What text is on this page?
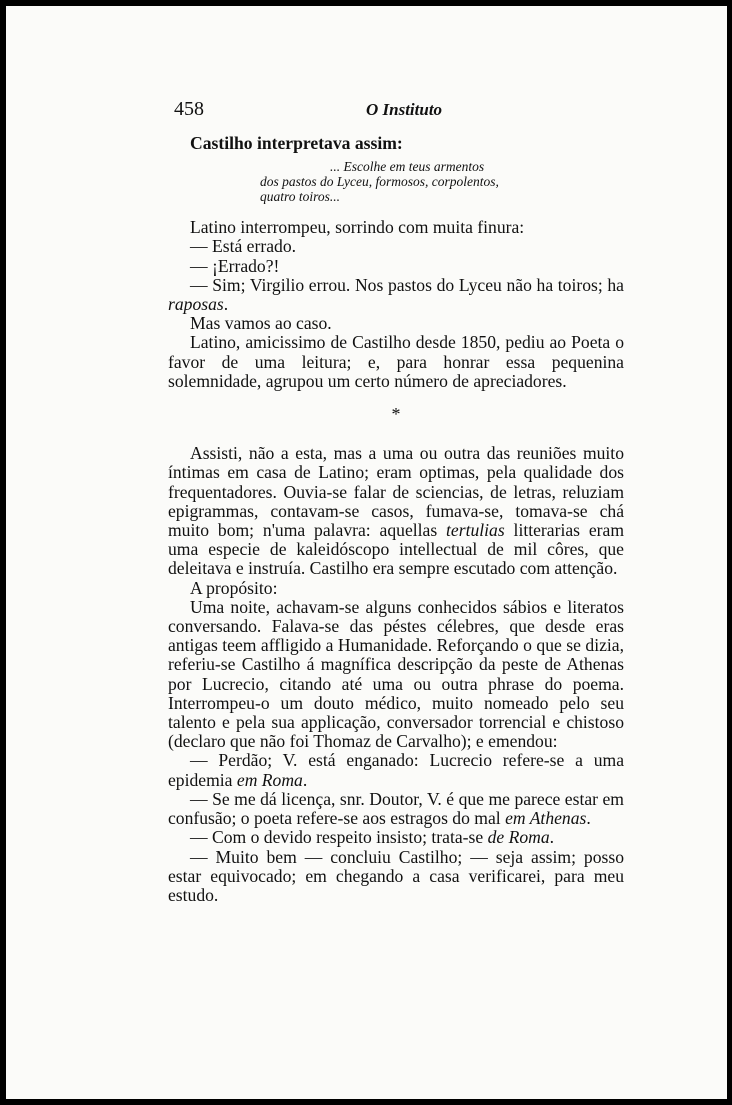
458	O Instituto

Castilho interpretava assim:

... Escolhe em teus armentos
dos pastos do Lyceu, formosos, corpolentos,
quatro toiros...

Latino interrompeu, sorrindo com muita finura:

— Está errado.

— ¡Errado?!

— Sim; Virgilio errou. Nos pastos do Lyceu não ha toiros; ha raposas.

Mas vamos ao caso.

Latino, amicissimo de Castilho desde 1850, pediu ao Poeta o favor de uma leitura; e, para honrar essa pequenina solemnidade, agrupou um certo número de apreciadores.

*

Assisti, não a esta, mas a uma ou outra das reuniões muito íntimas em casa de Latino; eram optimas, pela qualidade dos frequentadores. Ouvia-se falar de sciencias, de letras, reluziam epigrammas, contavam-se casos, fumava-se, tomava-se chá muito bom; n'uma palavra: aquellas tertulias litterarias eram uma especie de kaleidóscopo intellectual de mil côres, que deleitava e instruía. Castilho era sempre escutado com attenção.

A propósito:

Uma noite, achavam-se alguns conhecidos sábios e literatos conversando. Falava-se das péstes célebres, que desde eras antigas teem affligido a Humanidade. Reforçando o que se dizia, referiu-se Castilho á magnífica descripção da peste de Athenas por Lucrecio, citando até uma ou outra phrase do poema. Interrompeu-o um douto médico, muito nomeado pelo seu talento e pela sua applicação, conversador torrencial e chistoso (declaro que não foi Thomaz de Carvalho); e emendou:

— Perdão; V. está enganado: Lucrecio refere-se a uma epidemia em Roma.

— Se me dá licença, snr. Doutor, V. é que me parece estar em confusão; o poeta refere-se aos estragos do mal em Athenas.

— Com o devido respeito insisto; trata-se de Roma.

— Muito bem — concluiu Castilho; — seja assim; posso estar equivocado; em chegando a casa verificarei, para meu estudo.
